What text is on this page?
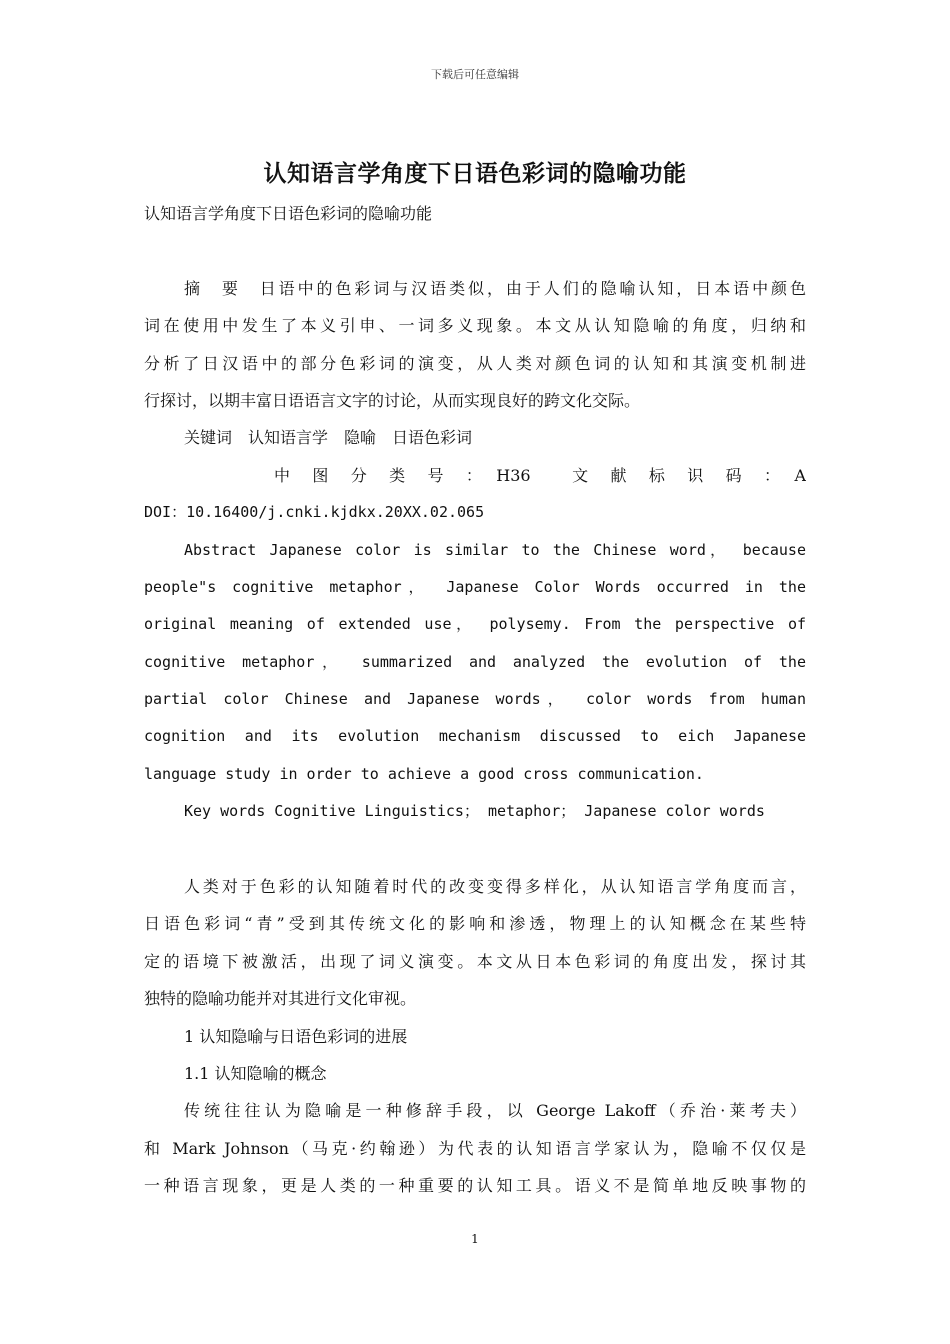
下载后可任意编辑
认知语言学角度下日语色彩词的隐喻功能
认知语言学角度下日语色彩词的隐喻功能
摘　要　日语中的色彩词与汉语类似，由于人们的隐喻认知，日本语中颜色
词在使用中发生了本义引申、一词多义现象。本文从认知隐喻的角度，归纳和
分析了日汉语中的部分色彩词的演变，从人类对颜色词的认知和其演变机制进
行探讨，以期丰富日语语言文字的讨论，从而实现良好的跨文化交际。
关键词　认知语言学　隐喻　日语色彩词
中　图　分　类　号　：　H36　　文　献　标　识　码　：　A
DOI：10.16400/j.cnki.kjdkx.20XX.02.065
Abstract Japanese color is similar to the Chinese word， because
people"s cognitive metaphor， Japanese Color Words occurred in the
original meaning of extended use， polysemy. From the perspective of
cognitive metaphor， summarized and analyzed the evolution of the
partial color Chinese and Japanese words， color words from human
cognition and its evolution mechanism discussed to eich Japanese
language study in order to achieve a good cross communication.
Key words Cognitive Linguistics； metaphor； Japanese color words
人类对于色彩的认知随着时代的改变变得多样化，从认知语言学角度而言，
日语色彩词“青”受到其传统文化的影响和渗透，物理上的认知概念在某些特
定的语境下被激活，出现了词义演变。本文从日本色彩词的角度出发，探讨其
独特的隐喻功能并对其进行文化审视。
1 认知隐喻与日语色彩词的进展
1.1 认知隐喻的概念
传统往往认为隐喻是一种修辞手段，以 George Lakoff（乔治·莱考夫）
和 Mark Johnson（马克·约翰逊）为代表的认知语言学家认为，隐喻不仅仅是
一种语言现象，更是人类的一种重要的认知工具。语义不是简单地反映事物的
1
